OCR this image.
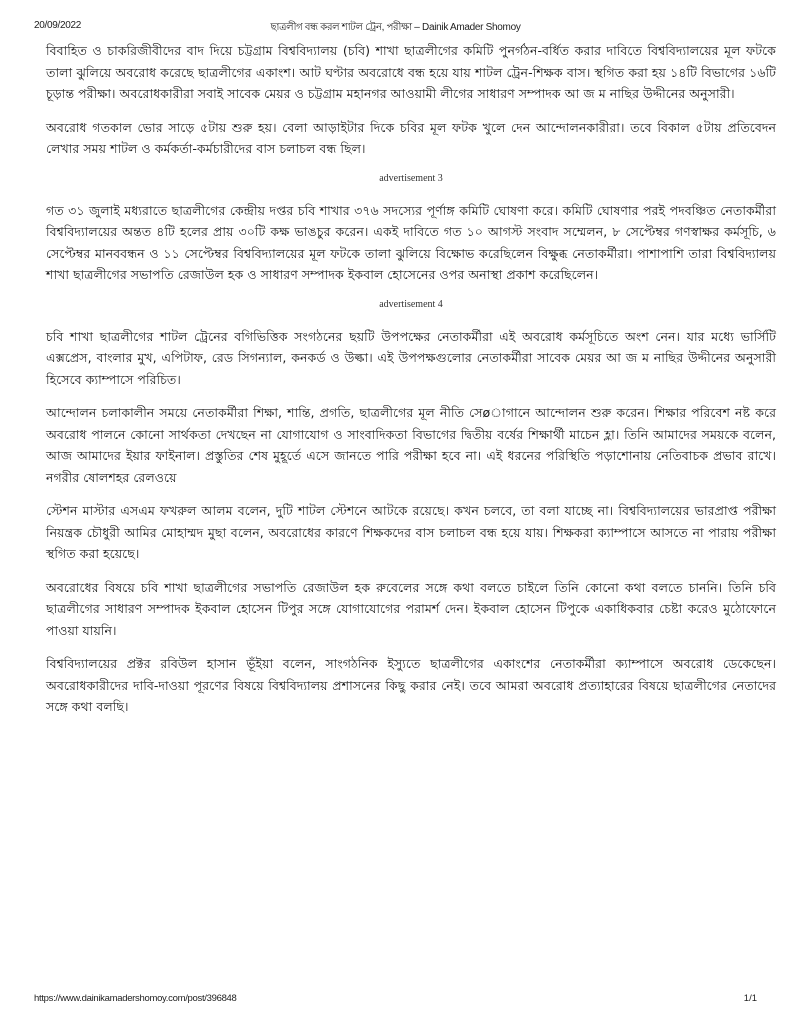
20/09/2022	ছাত্রলীগ বন্ধ করল শাটল ট্রেন, পরীক্ষা – Dainik Amader Shomoy

বিবাহিত ও চাকরিজীবীদের বাদ দিয়ে চট্টগ্রাম বিশ্ববিদ্যালয় (চবি) শাখা ছাত্রলীগের কমিটি পুনর্গঠন-বর্ধিত করার দাবিতে বিশ্ববিদ্যালয়ের মূল ফটকে তালা ঝুলিয়ে অবরোধ করেছে ছাত্রলীগের একাংশ। আট ঘণ্টার অবরোধে বন্ধ হয়ে যায় শাটল ট্রেন-শিক্ষক বাস। স্থগিত করা হয় ১৪টি বিভাগের ১৬টি চূড়ান্ত পরীক্ষা। অবরোধকারীরা সবাই সাবেক মেয়র ও চট্টগ্রাম মহানগর আওয়ামী লীগের সাধারণ সম্পাদক আ জ ম নাছির উদ্দীনের অনুসারী।

অবরোধ গতকাল ভোর সাড়ে ৫টায় শুরু হয়। বেলা আড়াইটার দিকে চবির মূল ফটক খুলে দেন আন্দোলনকারীরা। তবে বিকাল ৫টায় প্রতিবেদন লেখার সময় শাটল ও কর্মকর্তা-কর্মচারীদের বাস চলাচল বন্ধ ছিল।

advertisement 3

গত ৩১ জুলাই মধ্যরাতে ছাত্রলীগের কেন্দ্রীয় দপ্তর চবি শাখার ৩৭৬ সদস্যের পূর্ণাঙ্গ কমিটি ঘোষণা করে। কমিটি ঘোষণার পরই পদবঞ্চিত নেতাকর্মীরা বিশ্ববিদ্যালয়ের অন্তত ৪টি হলের প্রায় ৩০টি কক্ষ ভাঙচুর করেন। একই দাবিতে গত ১০ আগস্ট সংবাদ সম্মেলন, ৮ সেপ্টেম্বর গণস্বাক্ষর কর্মসূচি, ৬ সেপ্টেম্বর মানববন্ধন ও ১১ সেপ্টেম্বর বিশ্ববিদ্যালয়ের মূল ফটকে তালা ঝুলিয়ে বিক্ষোভ করেছিলেন বিক্ষুব্ধ নেতাকর্মীরা। পাশাপাশি তারা বিশ্ববিদ্যালয় শাখা ছাত্রলীগের সভাপতি রেজাউল হক ও সাধারণ সম্পাদক ইকবাল হোসেনের ওপর অনাস্থা প্রকাশ করেছিলেন।

advertisement 4

চবি শাখা ছাত্রলীগের শাটল ট্রেনের বগিভিত্তিক সংগঠনের ছয়টি উপপক্ষের নেতাকর্মীরা এই অবরোধ কর্মসূচিতে অংশ নেন। যার মধ্যে ভার্সিটি এক্সপ্রেস, বাংলার মুখ, এপিটাফ, রেড সিগন্যাল, কনকর্ড ও উল্কা। এই উপপক্ষগুলোর নেতাকর্মীরা সাবেক মেয়র আ জ ম নাছির উদ্দীনের অনুসারী হিসেবে ক্যাম্পাসে পরিচিত।

আন্দোলন চলাকালীন সময়ে নেতাকর্মীরা শিক্ষা, শান্তি, প্রগতি, ছাত্রলীগের মূল নীতি সেøাগানে আন্দোলন শুরু করেন। শিক্ষার পরিবেশ নষ্ট করে অবরোধ পালনে কোনো সার্থকতা দেখছেন না যোগাযোগ ও সাংবাদিকতা বিভাগের দ্বিতীয় বর্ষের শিক্ষার্থী মাচেন হ্লা। তিনি আমাদের সময়কে বলেন, আজ আমাদের ইয়ার ফাইনাল। প্রস্তুতির শেষ মুহূর্তে এসে জানতে পারি পরীক্ষা হবে না। এই ধরনের পরিস্থিতি পড়াশোনায় নেতিবাচক প্রভাব রাখে। নগরীর ষোলশহর রেলওয়ে

স্টেশন মাস্টার এসএম ফখরুল আলম বলেন, দুটি শাটল স্টেশনে আটকে রয়েছে। কখন চলবে, তা বলা যাচ্ছে না। বিশ্ববিদ্যালয়ের ভারপ্রাপ্ত পরীক্ষা নিয়ন্ত্রক চৌধুরী আমির মোহাম্মদ মুছা বলেন, অবরোধের কারণে শিক্ষকদের বাস চলাচল বন্ধ হয়ে যায়। শিক্ষকরা ক্যাম্পাসে আসতে না পারায় পরীক্ষা স্থগিত করা হয়েছে।

অবরোধের বিষয়ে চবি শাখা ছাত্রলীগের সভাপতি রেজাউল হক রুবেলের সঙ্গে কথা বলতে চাইলে তিনি কোনো কথা বলতে চাননি। তিনি চবি ছাত্রলীগের সাধারণ সম্পাদক ইকবাল হোসেন টিপুর সঙ্গে যোগাযোগের পরামর্শ দেন। ইকবাল হোসেন টিপুকে একাধিকবার চেষ্টা করেও মুঠোফোনে পাওয়া যায়নি।

বিশ্ববিদ্যালয়ের প্রক্টর রবিউল হাসান ভূঁইয়া বলেন, সাংগঠনিক ইস্যুতে ছাত্রলীগের একাংশের নেতাকর্মীরা ক্যাম্পাসে অবরোধ ডেকেছেন। অবরোধকারীদের দাবি-দাওয়া পূরণের বিষয়ে বিশ্ববিদ্যালয় প্রশাসনের কিছু করার নেই। তবে আমরা অবরোধ প্রত্যাহারের বিষয়ে ছাত্রলীগের নেতাদের সঙ্গে কথা বলছি।

https://www.dainikamadershomoy.com/post/396848	1/1
